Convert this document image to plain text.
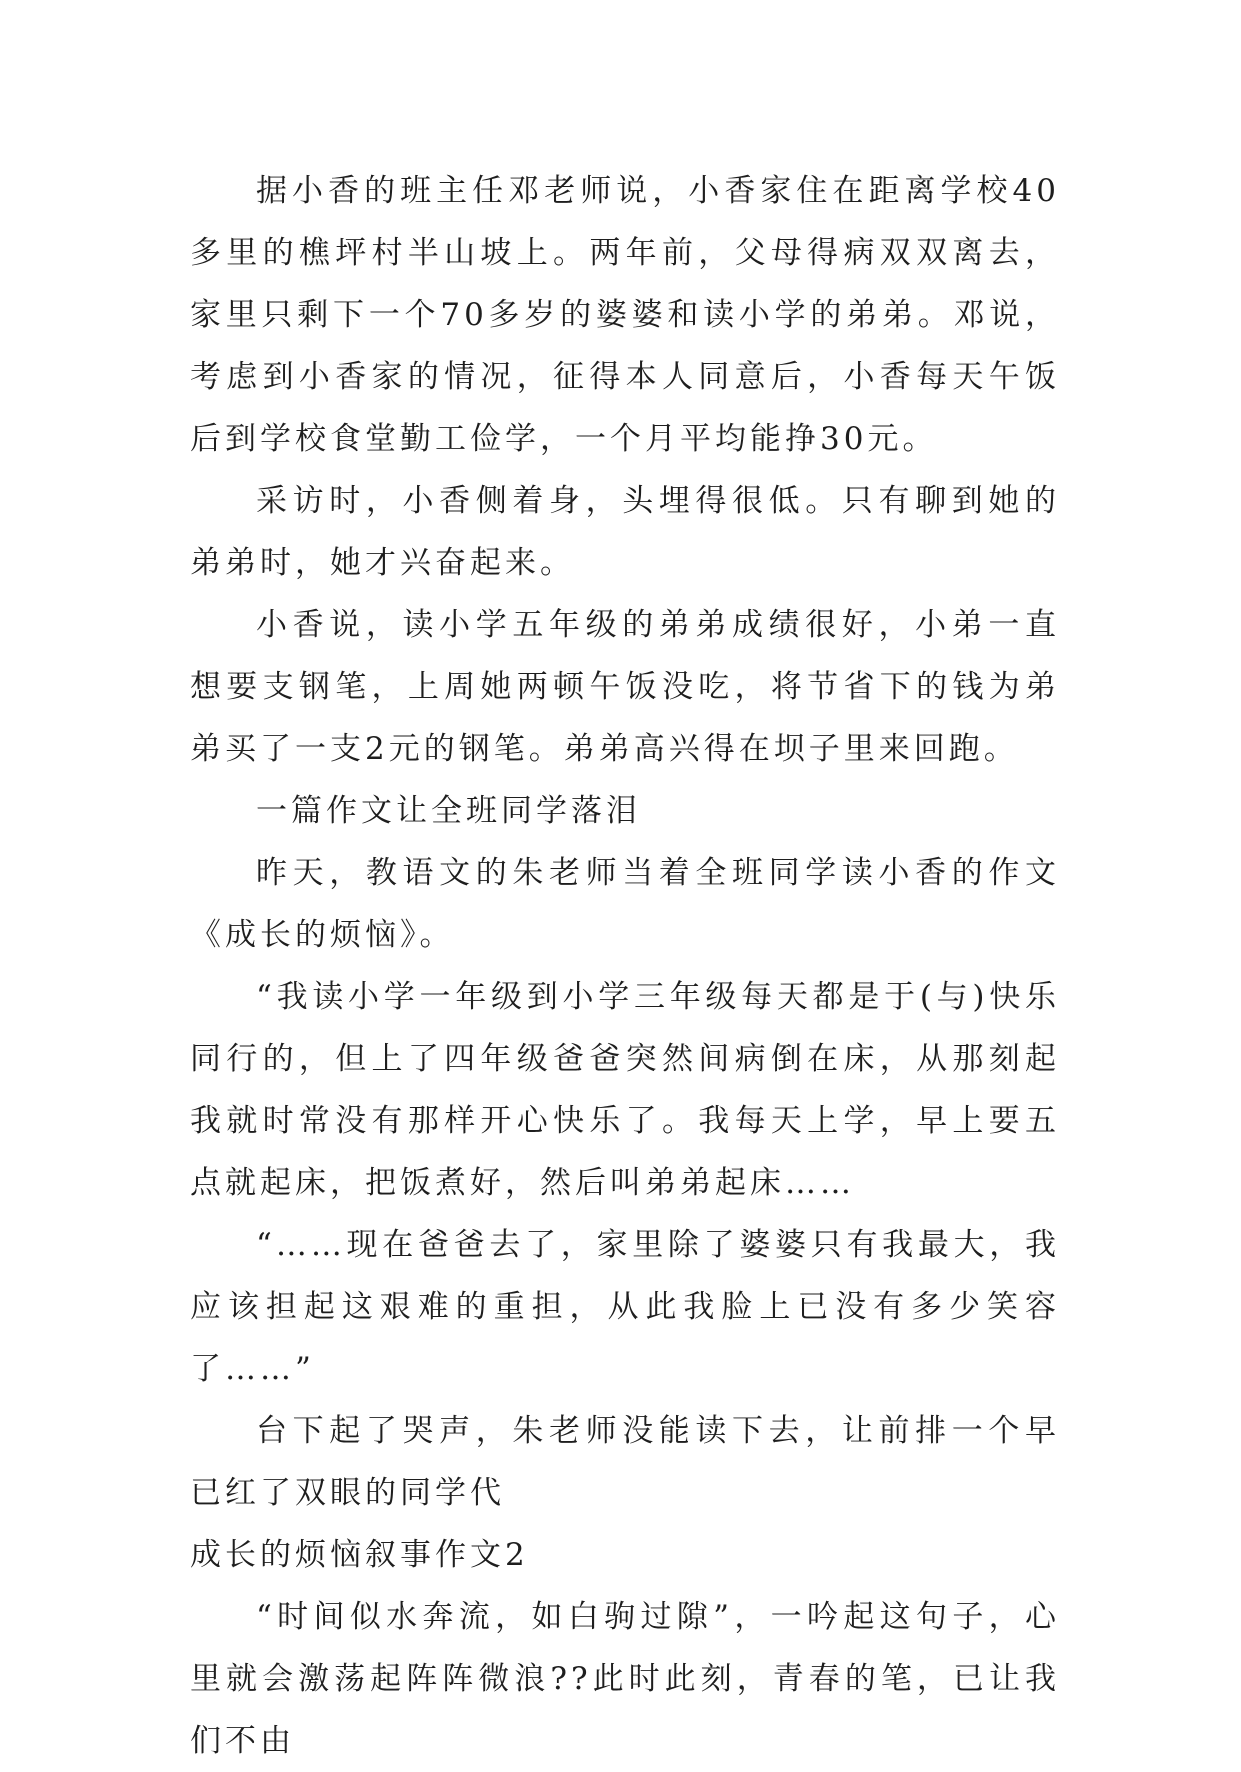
据小香的班主任邓老师说，小香家住在距离学校40多里的樵坪村半山坡上。两年前，父母得病双双离去，家里只剩下一个70多岁的婆婆和读小学的弟弟。邓说，考虑到小香家的情况，征得本人同意后，小香每天午饭后到学校食堂勤工俭学，一个月平均能挣30元。

采访时，小香侧着身，头埋得很低。只有聊到她的弟弟时，她才兴奋起来。

小香说，读小学五年级的弟弟成绩很好，小弟一直想要支钢笔，上周她两顿午饭没吃，将节省下的钱为弟弟买了一支2元的钢笔。弟弟高兴得在坝子里来回跑。

一篇作文让全班同学落泪

昨天，教语文的朱老师当着全班同学读小香的作文《成长的烦恼》。

“我读小学一年级到小学三年级每天都是于(与)快乐同行的，但上了四年级爸爸突然间病倒在床，从那刻起我就时常没有那样开心快乐了。我每天上学，早上要五点就起床，把饭煮好，然后叫弟弟起床……

“……现在爸爸去了，家里除了婆婆只有我最大，我应该担起这艰难的重担，从此我脸上已没有多少笑容了……”

台下起了哭声，朱老师没能读下去，让前排一个早已红了双眼的同学代

成长的烦恼叙事作文2

“时间似水奔流，如白驹过隙”，一吟起这句子，心里就会激荡起阵阵微浪??此时此刻，青春的笔，已让我们不由
